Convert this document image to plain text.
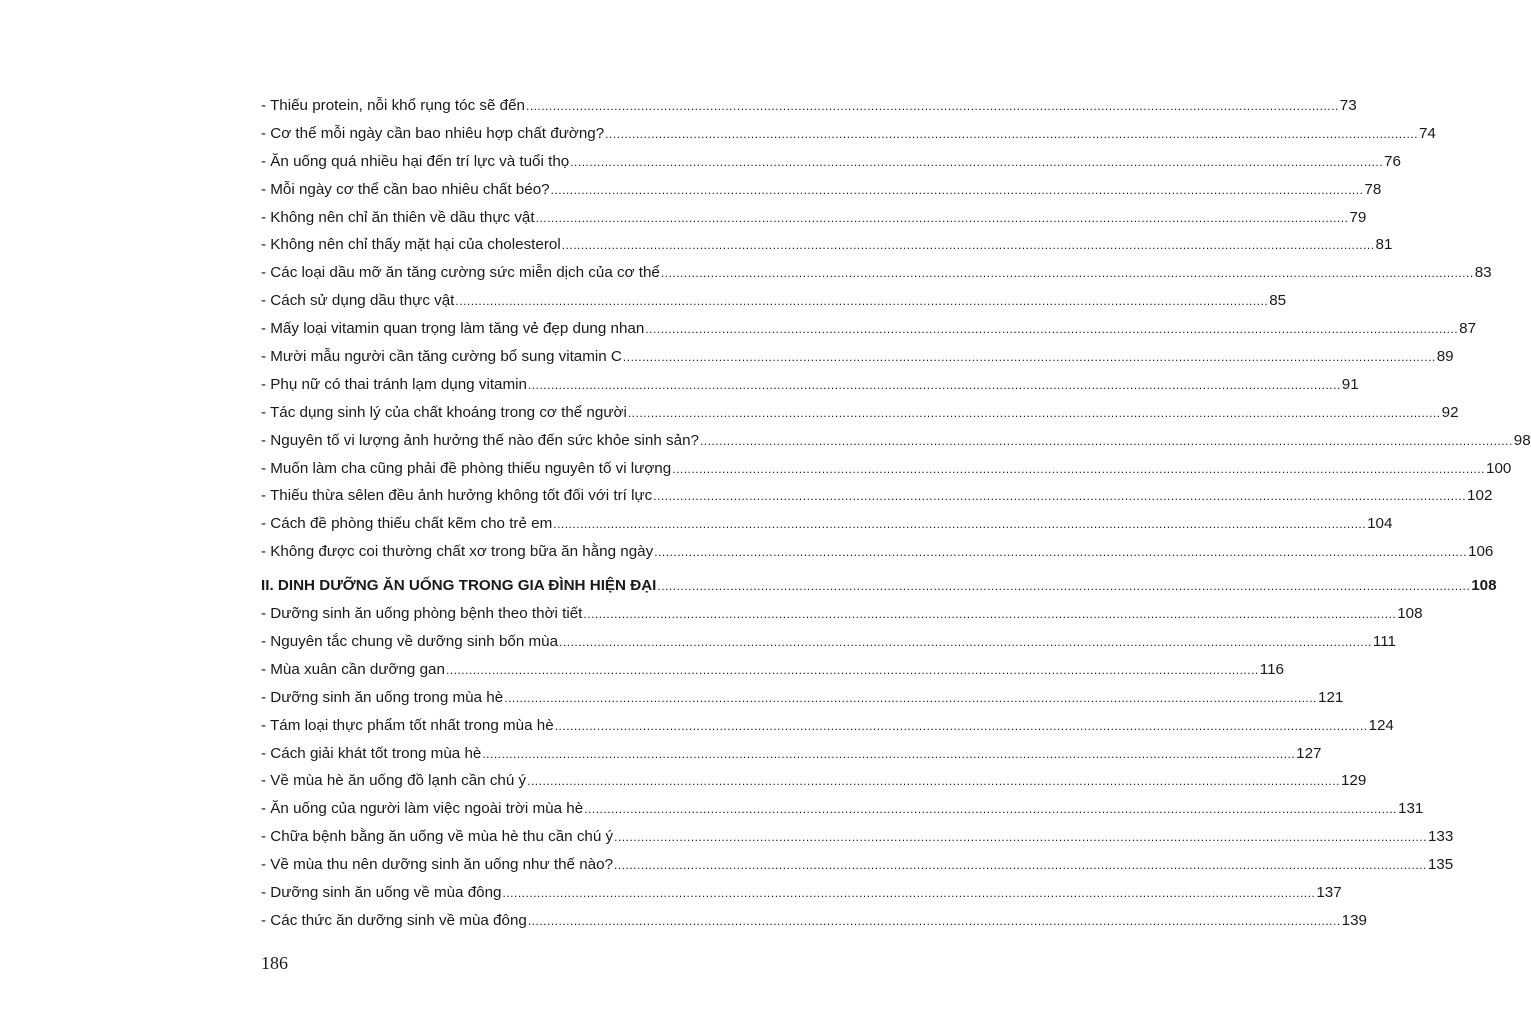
- Thiếu protein, nỗi khổ rụng tóc sẽ đến .....	73
- Cơ thể mỗi ngày cần bao nhiêu hợp chất đường? .....	74
- Ăn uống quá nhiều hại đến trí lực và tuổi thọ .....	76
- Mỗi ngày cơ thể cần bao nhiêu chất béo? .....	78
- Không nên chỉ ăn thiên về dầu thực vật .....	79
- Không nên chỉ thấy mặt hại của cholesterol .....	81
- Các loại dầu mỡ ăn tăng cường sức miễn dịch của cơ thể .....	83
- Cách sử dụng dầu thực vật .....	85
- Mấy loại vitamin quan trọng làm tăng vẻ đẹp dung nhan .....	87
- Mười mẫu người cần tăng cường bổ sung vitamin C .....	89
- Phụ nữ có thai tránh lạm dụng vitamin .....	91
- Tác dụng sinh lý của chất khoáng trong cơ thể người .....	92
- Nguyên tố vi lượng ảnh hưởng thế nào đến sức khỏe sinh sản? .....	98
- Muốn làm cha cũng phải đề phòng thiếu nguyên tố vi lượng .....	100
- Thiếu thừa sêlen đều ảnh hưởng không tốt đối với trí lực .....	102
- Cách đề phòng thiếu chất kẽm cho trẻ em .....	104
- Không được coi thường chất xơ trong bữa ăn hằng ngày .....	106
II. DINH DƯỠNG ĂN UỐNG TRONG GIA ĐÌNH HIỆN ĐẠI .....	108
- Dưỡng sinh ăn uống phòng bệnh theo thời tiết .....	108
- Nguyên tắc chung về dưỡng sinh bốn mùa .....	111
- Mùa xuân cần dưỡng gan .....	116
- Dưỡng sinh ăn uống trong mùa hè .....	121
- Tám loại thực phẩm tốt nhất trong mùa hè .....	124
- Cách giải khát tốt trong mùa hè .....	127
- Về mùa hè ăn uống đồ lạnh cần chú ý .....	129
- Ăn uống của người làm việc ngoài trời mùa hè .....	131
- Chữa bệnh bằng ăn uống về mùa hè thu cần chú ý .....	133
- Về mùa thu nên dưỡng sinh ăn uống như thế nào? .....	135
- Dưỡng sinh ăn uống về mùa đông .....	137
- Các thức ăn dưỡng sinh về mùa đông .....	139
186
